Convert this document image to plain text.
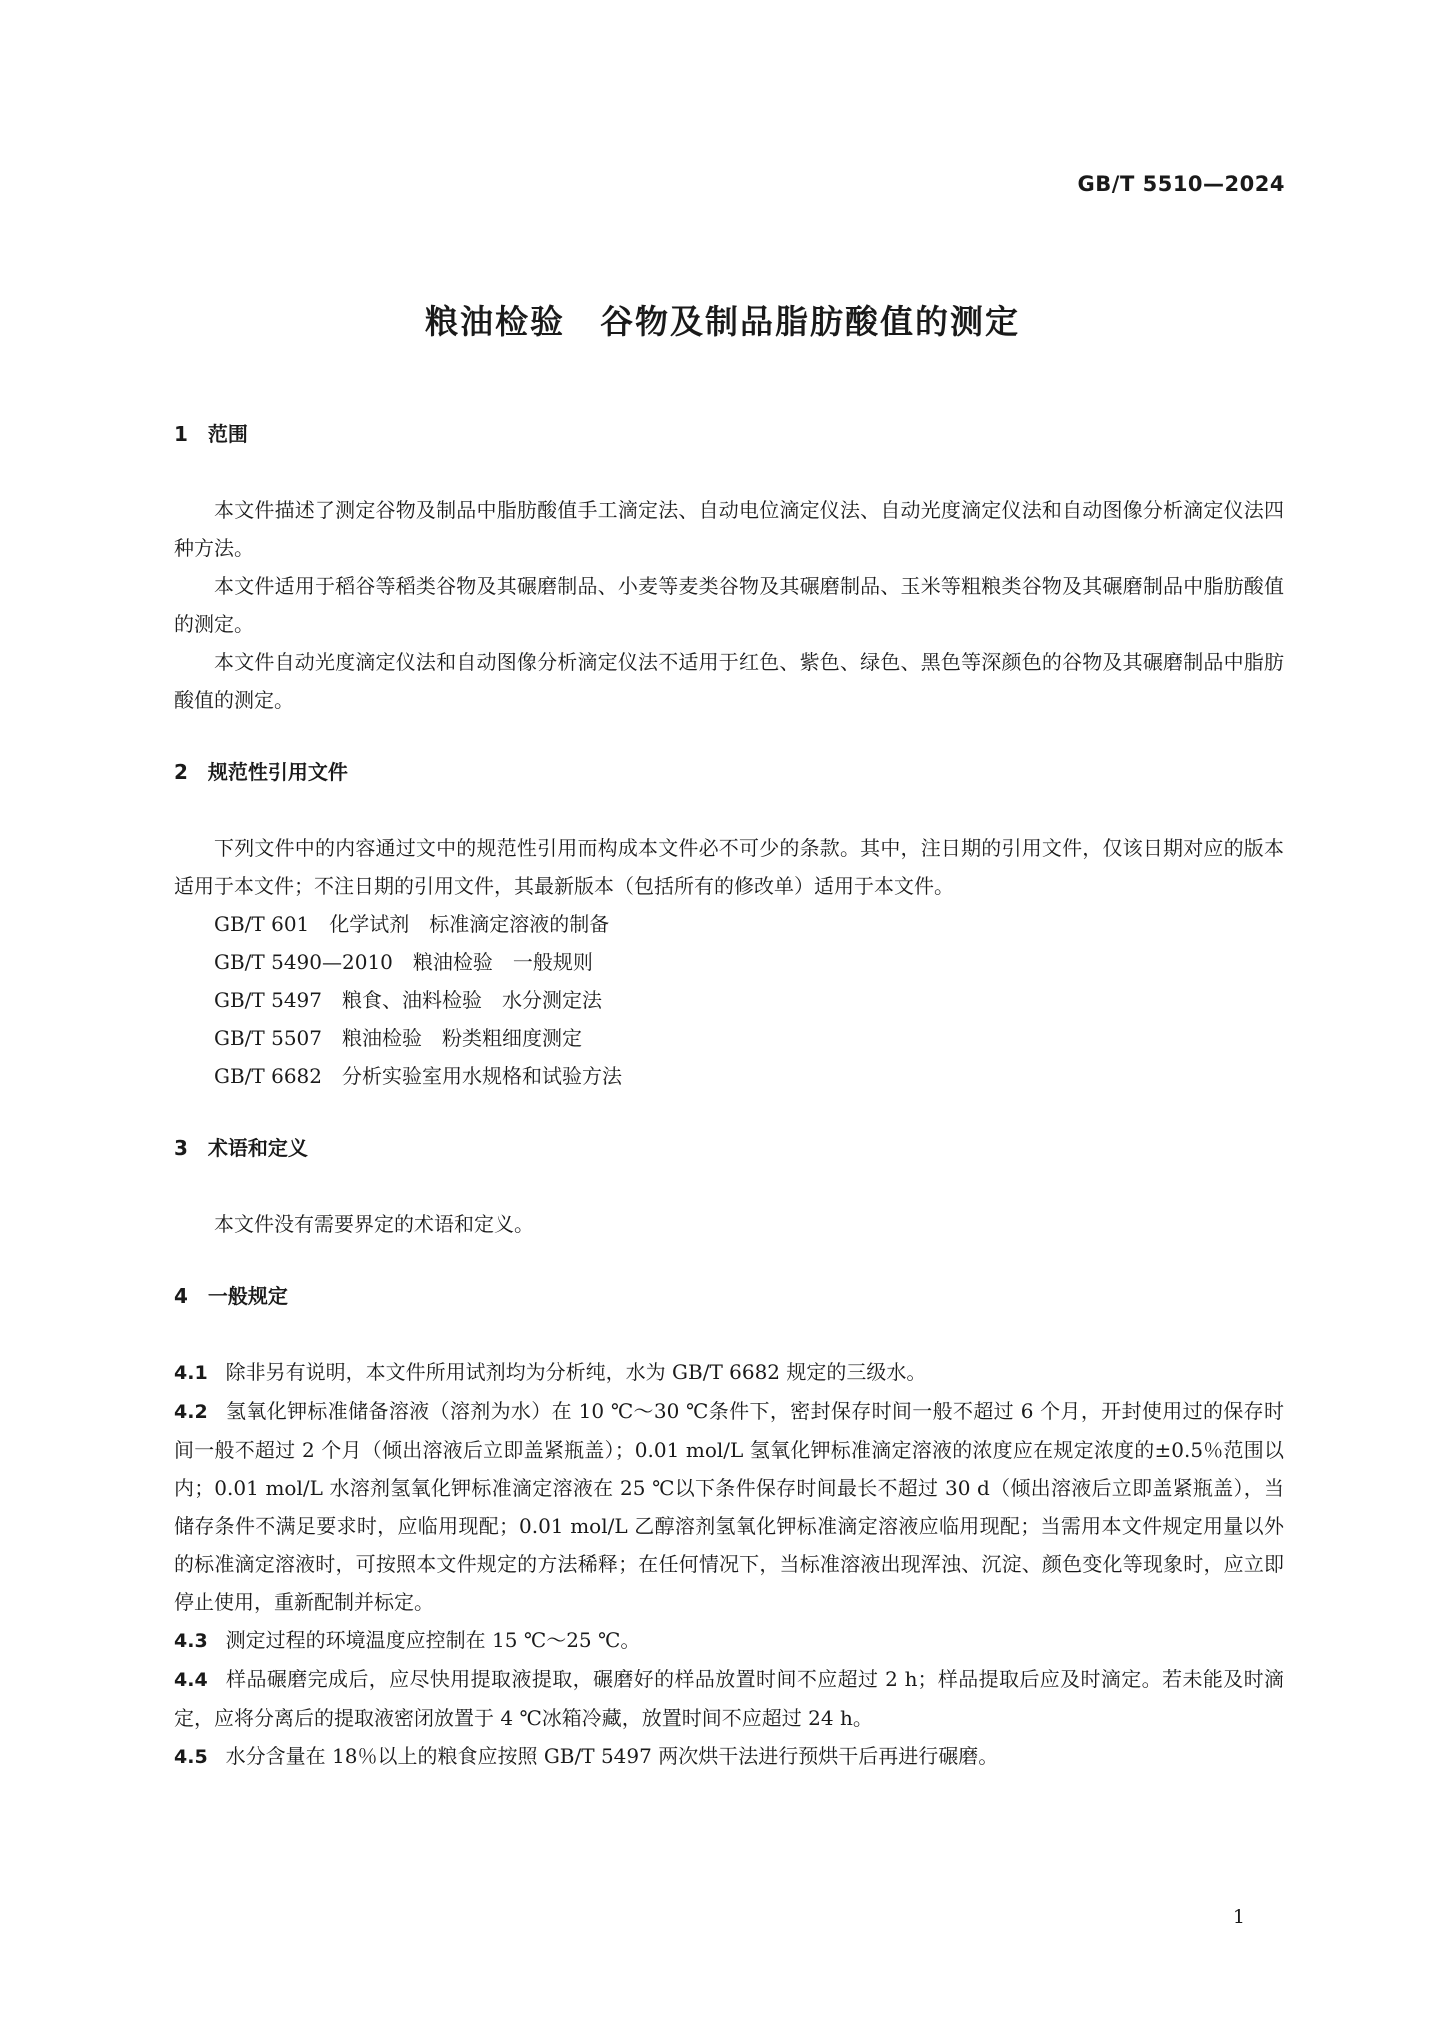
GB/T 5510—2024
粮油检验　谷物及制品脂肪酸值的测定
1　范围

本文件描述了测定谷物及制品中脂肪酸值手工滴定法、自动电位滴定仪法、自动光度滴定仪法和自动图像分析滴定仪法四种方法。

本文件适用于稻谷等稻类谷物及其碾磨制品、小麦等麦类谷物及其碾磨制品、玉米等粗粮类谷物及其碾磨制品中脂肪酸值的测定。

本文件自动光度滴定仪法和自动图像分析滴定仪法不适用于红色、紫色、绿色、黑色等深颜色的谷物及其碾磨制品中脂肪酸值的测定。

2　规范性引用文件

下列文件中的内容通过文中的规范性引用而构成本文件必不可少的条款。其中，注日期的引用文件，仅该日期对应的版本适用于本文件；不注日期的引用文件，其最新版本（包括所有的修改单）适用于本文件。

GB/T 601　化学试剂　标准滴定溶液的制备
GB/T 5490—2010　粮油检验　一般规则
GB/T 5497　粮食、油料检验　水分测定法
GB/T 5507　粮油检验　粉类粗细度测定
GB/T 6682　分析实验室用水规格和试验方法
3　术语和定义

本文件没有需要界定的术语和定义。

4　一般规定

4.1 除非另有说明，本文件所用试剂均为分析纯，水为 GB/T 6682 规定的三级水。

4.2 氢氧化钾标准储备溶液（溶剂为水）在 10 ℃～30 ℃条件下，密封保存时间一般不超过 6 个月，开封使用过的保存时间一般不超过 2 个月（倾出溶液后立即盖紧瓶盖）；0.01 mol/L 氢氧化钾标准滴定溶液的浓度应在规定浓度的±0.5％范围以内；0.01 mol/L 水溶剂氢氧化钾标准滴定溶液在 25 ℃以下条件保存时间最长不超过 30 d（倾出溶液后立即盖紧瓶盖），当储存条件不满足要求时，应临用现配；0.01 mol/L 乙醇溶剂氢氧化钾标准滴定溶液应临用现配；当需用本文件规定用量以外的标准滴定溶液时，可按照本文件规定的方法稀释；在任何情况下，当标准溶液出现浑浊、沉淀、颜色变化等现象时，应立即停止使用，重新配制并标定。

4.3 测定过程的环境温度应控制在 15 ℃～25 ℃。

4.4 样品碾磨完成后，应尽快用提取液提取，碾磨好的样品放置时间不应超过 2 h；样品提取后应及时滴定。若未能及时滴定，应将分离后的提取液密闭放置于 4 ℃冰箱冷藏，放置时间不应超过 24 h。

4.5 水分含量在 18％以上的粮食应按照 GB/T 5497 两次烘干法进行预烘干后再进行碾磨。

1
